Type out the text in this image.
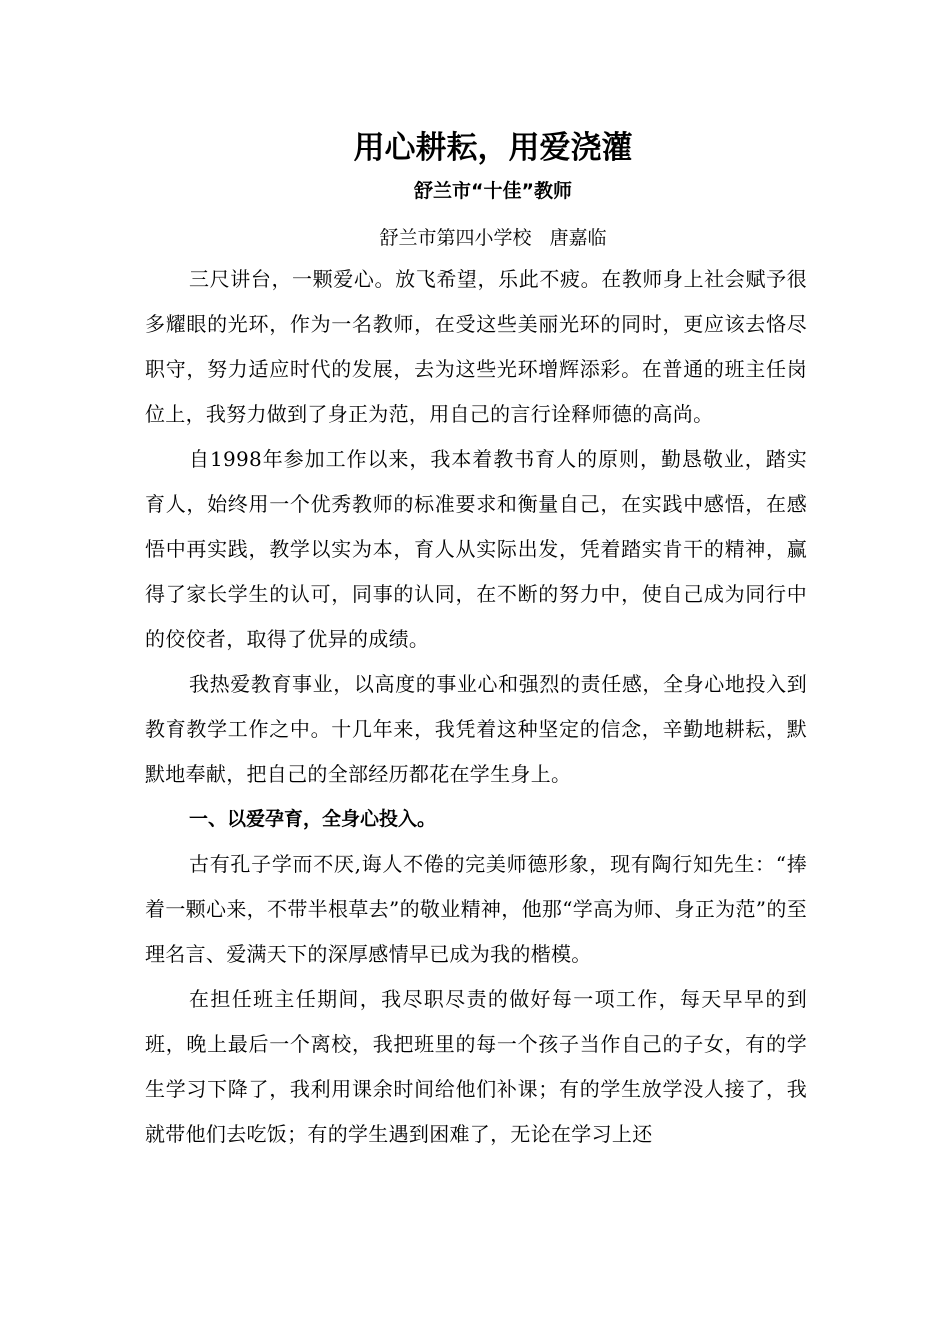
用心耕耘，用爱浇灌
舒兰市“十佳”教师

舒兰市第四小学校   唐嘉临

三尺讲台，一颗爱心。放飞希望，乐此不疲。在教师身上社会赋予很多耀眼的光环，作为一名教师，在受这些美丽光环的同时，更应该去恪尽职守，努力适应时代的发展，去为这些光环增辉添彩。在普通的班主任岗位上，我努力做到了身正为范，用自己的言行诠释师德的高尚。

自1998年参加工作以来，我本着教书育人的原则，勤恳敬业，踏实育人，始终用一个优秀教师的标准要求和衡量自己，在实践中感悟，在感悟中再实践，教学以实为本，育人从实际出发，凭着踏实肯干的精神，赢得了家长学生的认可，同事的认同，在不断的努力中，使自己成为同行中的佼佼者，取得了优异的成绩。

我热爱教育事业，以高度的事业心和强烈的责任感，全身心地投入到教育教学工作之中。十几年来，我凭着这种坚定的信念，辛勤地耕耘，默默地奉献，把自己的全部经历都花在学生身上。

一、以爱孕育，全身心投入。

古有孔子学而不厌,诲人不倦的完美师德形象，现有陶行知先生：“捧着一颗心来，不带半根草去”的敬业精神，他那“学高为师、身正为范”的至理名言、爱满天下的深厚感情早已成为我的楷模。

在担任班主任期间，我尽职尽责的做好每一项工作，每天早早的到班，晚上最后一个离校，我把班里的每一个孩子当作自己的子女，有的学生学习下降了，我利用课余时间给他们补课；有的学生放学没人接了，我就带他们去吃饭；有的学生遇到困难了，无论在学习上还
